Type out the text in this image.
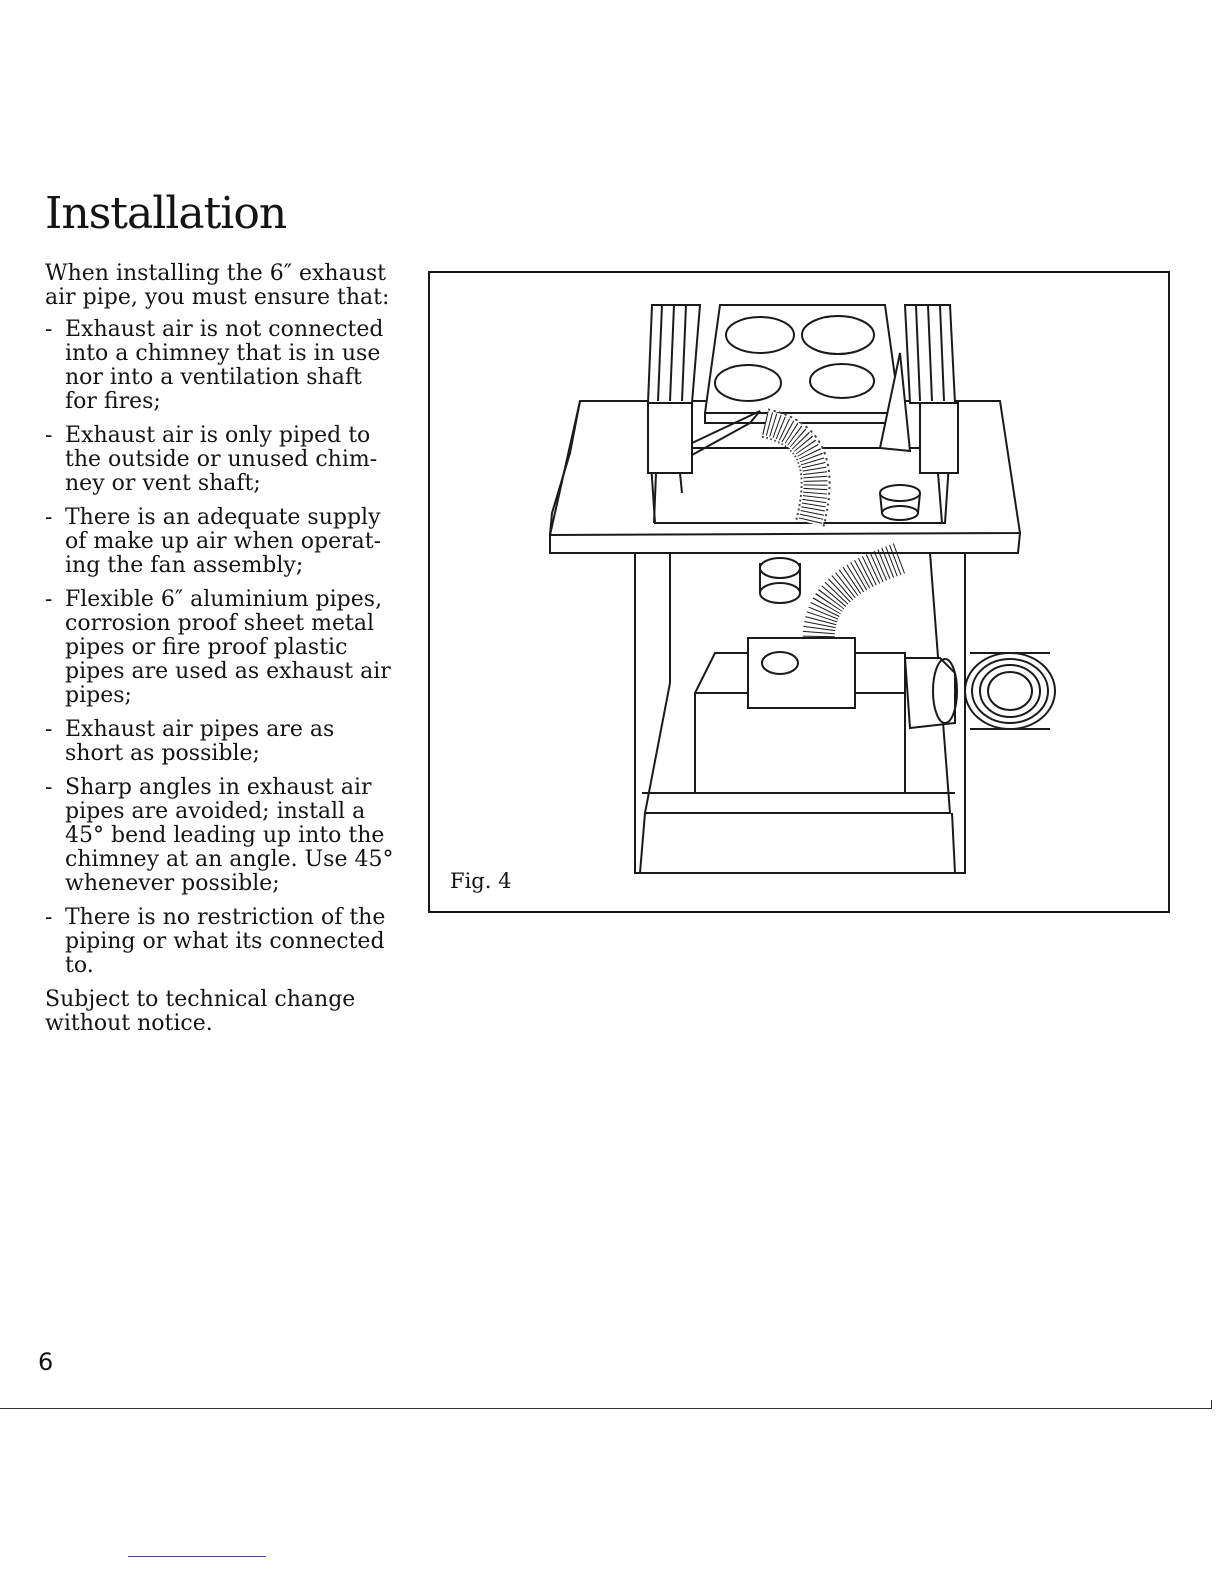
Installation

When installing the 6″ exhaust air pipe, you must ensure that:

- Exhaust air is not connected into a chimney that is in use nor into a ventilation shaft for fires;
- Exhaust air is only piped to the outside or unused chim-ney or vent shaft;
- There is an adequate supply of make up air when operat-ing the fan assembly;
- Flexible 6″ aluminium pipes, corrosion proof sheet metal pipes or fire proof plastic pipes are used as exhaust air pipes;
- Exhaust air pipes are as short as possible;
- Sharp angles in exhaust air pipes are avoided; install a 45° bend leading up into the chimney at an angle. Use 45° whenever possible;
- There is no restriction of the piping or what its connected to.

Subject to technical change without notice.

Fig. 4
6
